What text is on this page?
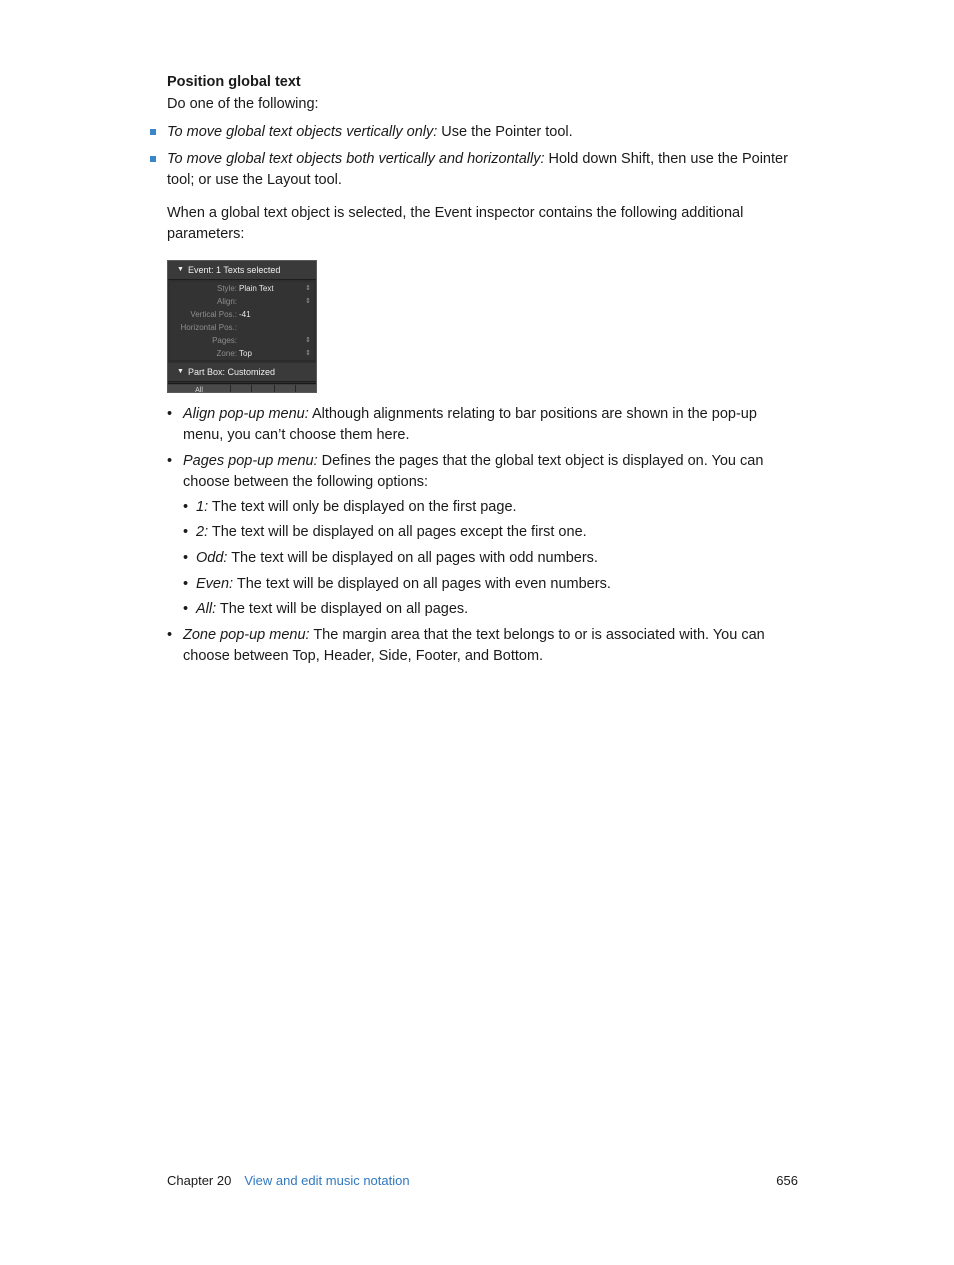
Position global text
Do one of the following:
To move global text objects vertically only: Use the Pointer tool.
To move global text objects both vertically and horizontally: Hold down Shift, then use the Pointer tool; or use the Layout tool.
When a global text object is selected, the Event inspector contains the following additional parameters:
▼ Event: 1 Texts selected
Style: Plain Text	⇕
Align:	⇕
Vertical Pos.: -41
Horizontal Pos.:
Pages:	⇕
Zone: Top	⇕
▼ Part Box: Customized
All
• Align pop-up menu: Although alignments relating to bar positions are shown in the pop-up menu, you can’t choose them here.
• Pages pop-up menu: Defines the pages that the global text object is displayed on. You can choose between the following options:
• 1: The text will only be displayed on the first page.
• 2: The text will be displayed on all pages except the first one.
• Odd: The text will be displayed on all pages with odd numbers.
• Even: The text will be displayed on all pages with even numbers.
• All: The text will be displayed on all pages.
• Zone pop-up menu: The margin area that the text belongs to or is associated with. You can choose between Top, Header, Side, Footer, and Bottom.
Chapter 20 View and edit music notation	656
